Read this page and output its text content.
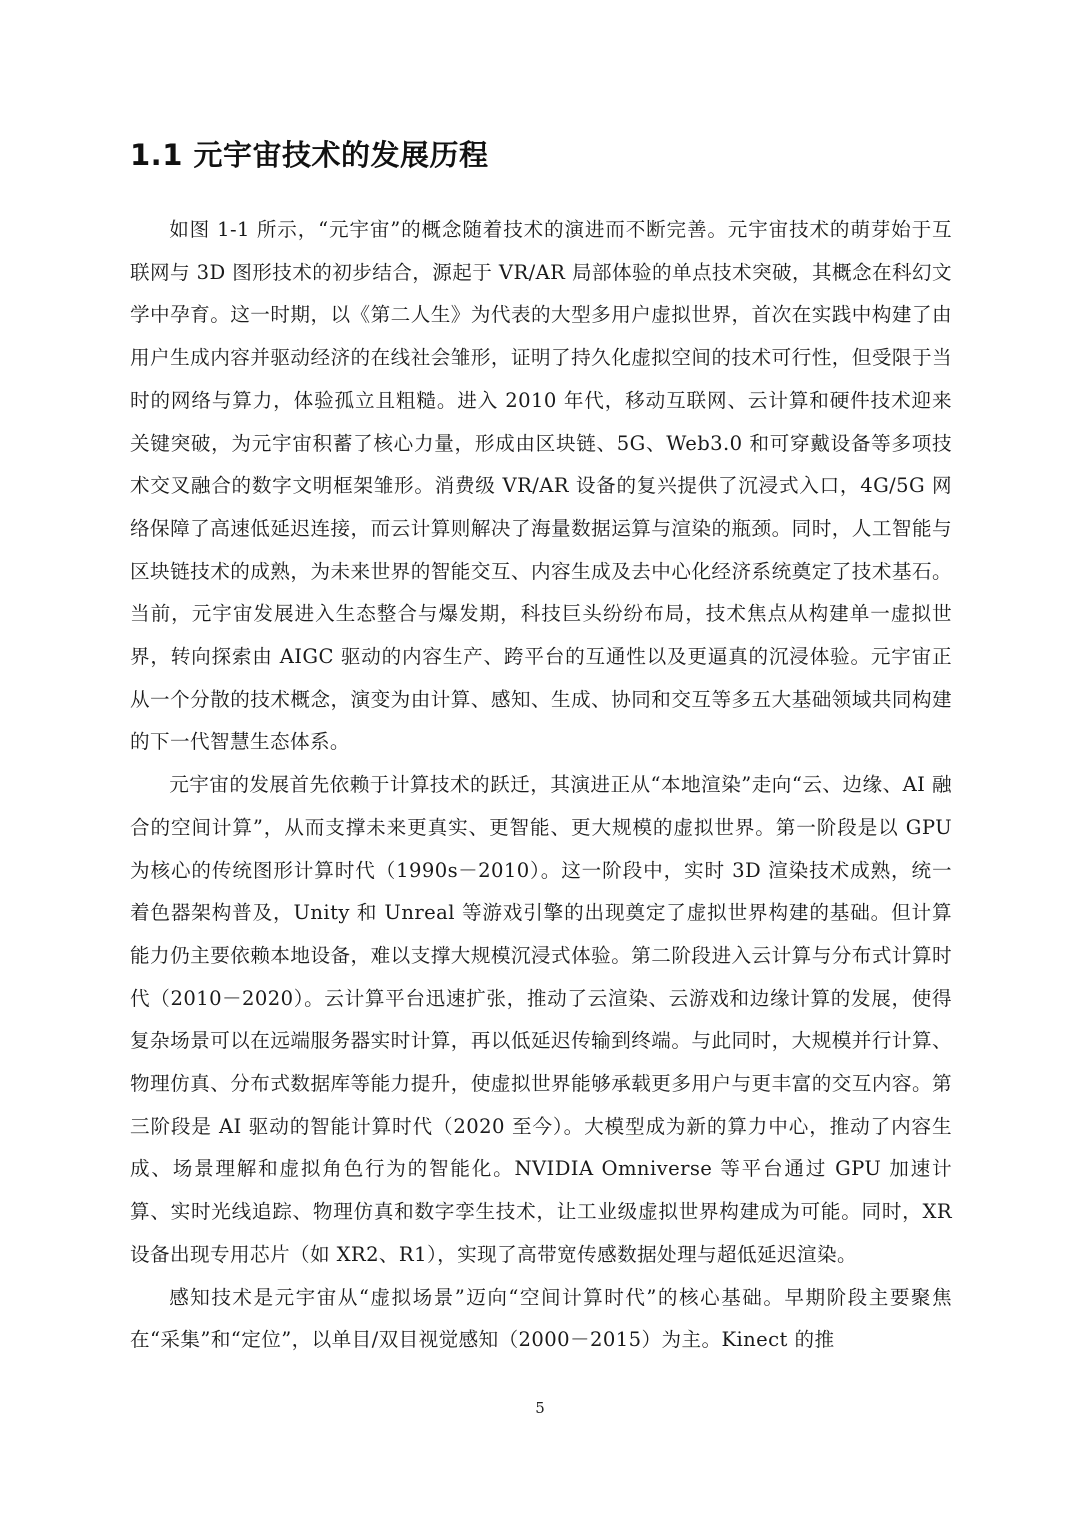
1.1 元宇宙技术的发展历程

如图 1-1 所示，“元宇宙”的概念随着技术的演进而不断完善。元宇宙技术的萌芽始于互联网与 3D 图形技术的初步结合，源起于 VR/AR 局部体验的单点技术突破，其概念在科幻文学中孕育。这一时期，以《第二人生》为代表的大型多用户虚拟世界，首次在实践中构建了由用户生成内容并驱动经济的在线社会雏形，证明了持久化虚拟空间的技术可行性，但受限于当时的网络与算力，体验孤立且粗糙。进入 2010 年代，移动互联网、云计算和硬件技术迎来关键突破，为元宇宙积蓄了核心力量，形成由区块链、5G、Web3.0 和可穿戴设备等多项技术交叉融合的数字文明框架雏形。消费级 VR/AR 设备的复兴提供了沉浸式入口，4G/5G 网络保障了高速低延迟连接，而云计算则解决了海量数据运算与渲染的瓶颈。同时，人工智能与区块链技术的成熟，为未来世界的智能交互、内容生成及去中心化经济系统奠定了技术基石。当前，元宇宙发展进入生态整合与爆发期，科技巨头纷纷布局，技术焦点从构建单一虚拟世界，转向探索由 AIGC 驱动的内容生产、跨平台的互通性以及更逼真的沉浸体验。元宇宙正从一个分散的技术概念，演变为由计算、感知、生成、协同和交互等多五大基础领域共同构建的下一代智慧生态体系。

元宇宙的发展首先依赖于计算技术的跃迁，其演进正从“本地渲染”走向“云、边缘、AI 融合的空间计算”，从而支撑未来更真实、更智能、更大规模的虚拟世界。第一阶段是以 GPU 为核心的传统图形计算时代（1990s－2010）。这一阶段中，实时 3D 渲染技术成熟，统一着色器架构普及，Unity 和 Unreal 等游戏引擎的出现奠定了虚拟世界构建的基础。但计算能力仍主要依赖本地设备，难以支撑大规模沉浸式体验。第二阶段进入云计算与分布式计算时代（2010－2020）。云计算平台迅速扩张，推动了云渲染、云游戏和边缘计算的发展，使得复杂场景可以在远端服务器实时计算，再以低延迟传输到终端。与此同时，大规模并行计算、物理仿真、分布式数据库等能力提升，使虚拟世界能够承载更多用户与更丰富的交互内容。第三阶段是 AI 驱动的智能计算时代（2020 至今）。大模型成为新的算力中心，推动了内容生成、场景理解和虚拟角色行为的智能化。NVIDIA Omniverse 等平台通过 GPU 加速计算、实时光线追踪、物理仿真和数字孪生技术，让工业级虚拟世界构建成为可能。同时，XR 设备出现专用芯片（如 XR2、R1），实现了高带宽传感数据处理与超低延迟渲染。

感知技术是元宇宙从“虚拟场景”迈向“空间计算时代”的核心基础。早期阶段主要聚焦在“采集”和“定位”，以单目/双目视觉感知（2000－2015）为主。Kinect 的推

5
